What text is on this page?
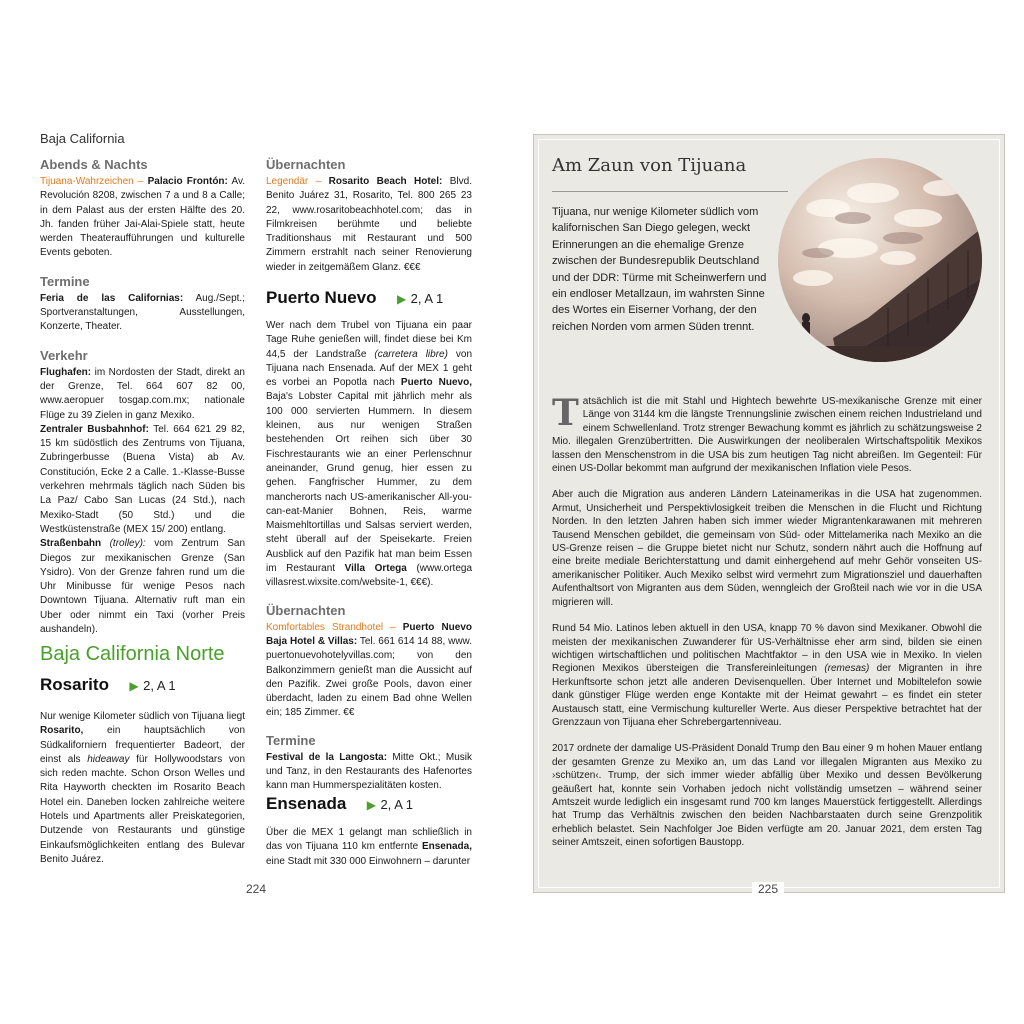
Baja California
Abends & Nachts

Tijuana-Wahrzeichen – Palacio Frontón: Av. Revolución 8208, zwischen 7 a und 8 a Calle; in dem Palast aus der ersten Hälfte des 20. Jh. fanden früher Jai-Alai-Spiele statt, heute werden Theateraufführungen und kulturelle Events geboten.

Termine

Feria de las Californias: Aug./Sept.; Sportveranstaltungen, Ausstellungen, Konzerte, Theater.

Verkehr

Flughafen: im Nordosten der Stadt, direkt an der Grenze, Tel. 664 607 82 00, www.aeropuer tosgap.com.mx; nationale Flüge zu 39 Zielen in ganz Mexiko.

Zentraler Busbahnhof: Tel. 664 621 29 82, 15 km südöstlich des Zentrums von Tijuana, Zubringerbusse (Buena Vista) ab Av. Constitución, Ecke 2 a Calle. 1.-Klasse-Busse verkehren mehrmals täglich nach Süden bis La Paz/ Cabo San Lucas (24 Std.), nach Mexiko-Stadt (50 Std.) und die Westküstenstraße (MEX 15/ 200) entlang.

Straßenbahn (trolley): vom Zentrum San Diegos zur mexikanischen Grenze (San Ysidro). Von der Grenze fahren rund um die Uhr Minibusse für wenige Pesos nach Downtown Tijuana. Alternativ ruft man ein Uber oder nimmt ein Taxi (vorher Preis aushandeln).

Baja California Norte
Rosarito ▶ 2, A 1

Nur wenige Kilometer südlich von Tijuana liegt Rosarito, ein hauptsächlich von Südkaliforniern frequentierter Badeort, der einst als hideaway für Hollywoodstars von sich reden machte. Schon Orson Welles und Rita Hayworth checkten im Rosarito Beach Hotel ein. Daneben locken zahlreiche weitere Hotels und Apartments aller Preiskategorien, Dutzende von Restaurants und günstige Einkaufsmöglichkeiten entlang des Bulevar Benito Juárez.

Übernachten

Legendär – Rosarito Beach Hotel: Blvd. Benito Juárez 31, Rosarito, Tel. 800 265 23 22, www.rosaritobeachhotel.com; das in Filmkreisen berühmte und beliebte Traditionshaus mit Restaurant und 500 Zimmern erstrahlt nach seiner Renovierung wieder in zeitgemäßem Glanz. €€€

Puerto Nuevo ▶ 2, A 1

Wer nach dem Trubel von Tijuana ein paar Tage Ruhe genießen will, findet diese bei Km 44,5 der Landstraße (carretera libre) von Tijuana nach Ensenada. Auf der MEX 1 geht es vorbei an Popotla nach Puerto Nuevo, Baja's Lobster Capital mit jährlich mehr als 100 000 servierten Hummern. In diesem kleinen, aus nur wenigen Straßen bestehenden Ort reihen sich über 30 Fischrestaurants wie an einer Perlenschnur aneinander, Grund genug, hier essen zu gehen. Fangfrischer Hummer, zu dem mancherorts nach US-amerikanischer All-you-can-eat-Manier Bohnen, Reis, warme Maismehltortillas und Salsas serviert werden, steht überall auf der Speisekarte. Freien Ausblick auf den Pazifik hat man beim Essen im Restaurant Villa Ortega (www.ortega villasrest.wixsite.com/website-1, €€€).

Übernachten

Komfortables Strandhotel – Puerto Nuevo Baja Hotel & Villas: Tel. 661 614 14 88, www. puertonuevohotelyvillas.com; von den Balkonzimmern genießt man die Aussicht auf den Pazifik. Zwei große Pools, davon einer überdacht, laden zu einem Bad ohne Wellen ein; 185 Zimmer. €€

Termine

Festival de la Langosta: Mitte Okt.; Musik und Tanz, in den Restaurants des Hafenortes kann man Hummerspezialitäten kosten.

Ensenada ▶ 2, A 1

Über die MEX 1 gelangt man schließlich in das von Tijuana 110 km entfernte Ensenada, eine Stadt mit 330 000 Einwohnern – darunter

224
Am Zaun von Tijuana
Tijuana, nur wenige Kilometer südlich vom kalifornischen San Diego gelegen, weckt Erinnerungen an die ehemalige Grenze zwischen der Bundesrepublik Deutschland und der DDR: Türme mit Scheinwerfern und ein endloser Metallzaun, im wahrsten Sinne des Wortes ein Eiserner Vorhang, der den reichen Norden vom armen Süden trennt.

Tatsächlich ist die mit Stahl und Hightech bewehrte US-mexikanische Grenze mit einer Länge von 3144 km die längste Trennungslinie zwischen einem reichen Industrieland und einem Schwellenland. Trotz strenger Bewachung kommt es jährlich zu schätzungsweise 2 Mio. illegalen Grenzübertritten. Die Auswirkungen der neoliberalen Wirtschaftspolitik Mexikos lassen den Menschenstrom in die USA bis zum heutigen Tag nicht abreißen. Im Gegenteil: Für einen US-Dollar bekommt man aufgrund der mexikanischen Inflation viele Pesos.

Aber auch die Migration aus anderen Ländern Lateinamerikas in die USA hat zugenommen. Armut, Unsicherheit und Perspektivlosigkeit treiben die Menschen in die Flucht und Richtung Norden. In den letzten Jahren haben sich immer wieder Migrantenkarawanen mit mehreren Tausend Menschen gebildet, die gemeinsam von Süd- oder Mittelamerika nach Mexiko an die US-Grenze reisen – die Gruppe bietet nicht nur Schutz, sondern nährt auch die Hoffnung auf eine breite mediale Berichterstattung und damit einhergehend auf mehr Gehör vonseiten US-amerikanischer Politiker. Auch Mexiko selbst wird vermehrt zum Migrationsziel und dauerhaften Aufenthaltsort von Migranten aus dem Süden, wenngleich der Großteil nach wie vor in die USA migrieren will.

Rund 54 Mio. Latinos leben aktuell in den USA, knapp 70 % davon sind Mexikaner. Obwohl die meisten der mexikanischen Zuwanderer für US-Verhältnisse eher arm sind, bilden sie einen wichtigen wirtschaftlichen und politischen Machtfaktor – in den USA wie in Mexiko. In vielen Regionen Mexikos übersteigen die Transfereinleitungen (remesas) der Migranten in ihre Herkunftsorte schon jetzt alle anderen Devisenquellen. Über Internet und Mobiltelefon sowie dank günstiger Flüge werden enge Kontakte mit der Heimat gewahrt – es findet ein steter Austausch statt, eine Vermischung kultureller Werte. Aus dieser Perspektive betrachtet hat der Grenzzaun von Tijuana eher Schrebergartenniveau.

2017 ordnete der damalige US-Präsident Donald Trump den Bau einer 9 m hohen Mauer entlang der gesamten Grenze zu Mexiko an, um das Land vor illegalen Migranten aus Mexiko zu ›schützen‹. Trump, der sich immer wieder abfällig über Mexiko und dessen Bevölkerung geäußert hat, konnte sein Vorhaben jedoch nicht vollständig umsetzen – während seiner Amtszeit wurde lediglich ein insgesamt rund 700 km langes Mauerstück fertiggestellt. Allerdings hat Trump das Verhältnis zwischen den beiden Nachbarstaaten durch seine Grenzpolitik erheblich belastet. Sein Nachfolger Joe Biden verfügte am 20. Januar 2021, dem ersten Tag seiner Amtszeit, einen sofortigen Baustopp.

225
